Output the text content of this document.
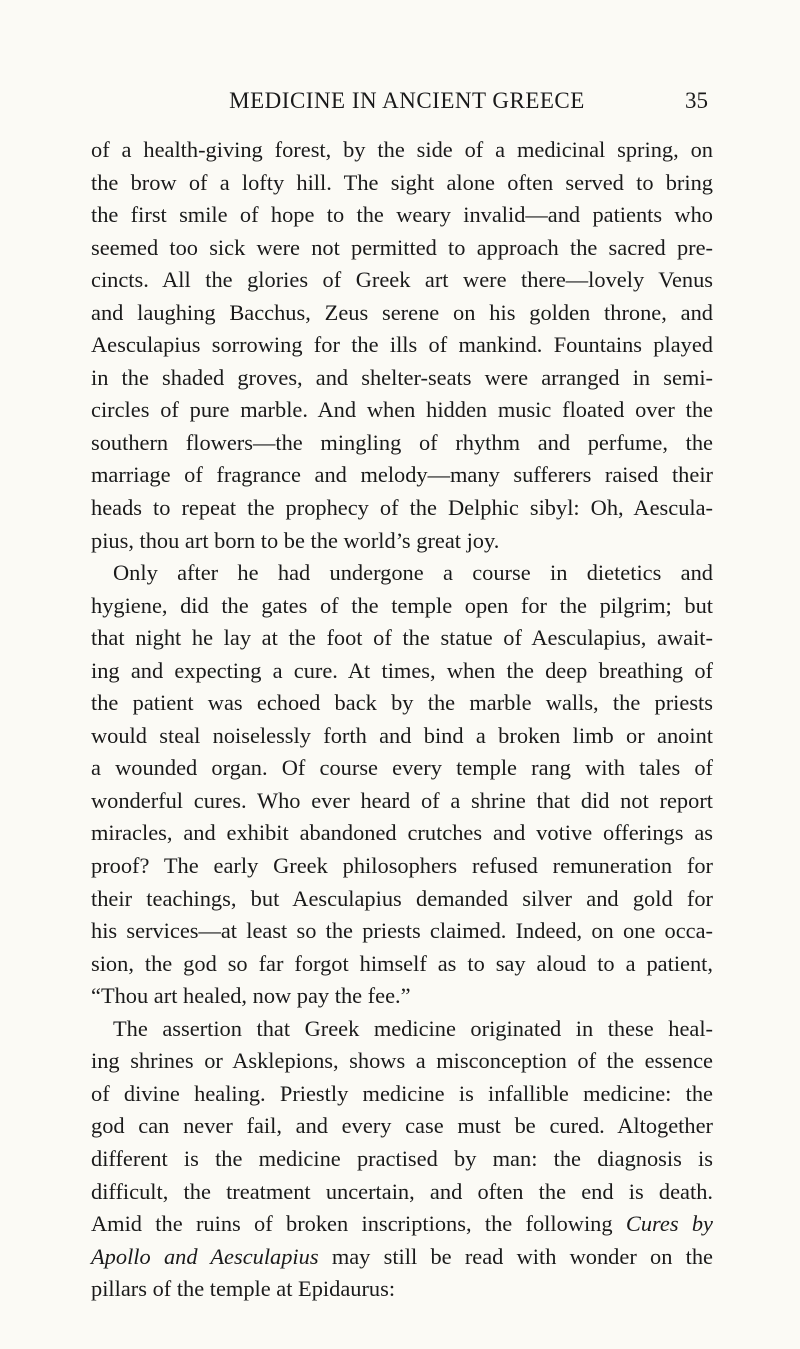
MEDICINE IN ANCIENT GREECE	35
of a health-giving forest, by the side of a medicinal spring, on
the brow of a lofty hill. The sight alone often served to bring
the first smile of hope to the weary invalid—and patients who
seemed too sick were not permitted to approach the sacred pre-
cincts. All the glories of Greek art were there—lovely Venus
and laughing Bacchus, Zeus serene on his golden throne, and
Aesculapius sorrowing for the ills of mankind. Fountains played
in the shaded groves, and shelter-seats were arranged in semi-
circles of pure marble. And when hidden music floated over the
southern flowers—the mingling of rhythm and perfume, the
marriage of fragrance and melody—many sufferers raised their
heads to repeat the prophecy of the Delphic sibyl: Oh, Aescula-
pius, thou art born to be the world’s great joy.
Only after he had undergone a course in dietetics and
hygiene, did the gates of the temple open for the pilgrim; but
that night he lay at the foot of the statue of Aesculapius, await-
ing and expecting a cure. At times, when the deep breathing of
the patient was echoed back by the marble walls, the priests
would steal noiselessly forth and bind a broken limb or anoint
a wounded organ. Of course every temple rang with tales of
wonderful cures. Who ever heard of a shrine that did not report
miracles, and exhibit abandoned crutches and votive offerings as
proof? The early Greek philosophers refused remuneration for
their teachings, but Aesculapius demanded silver and gold for
his services—at least so the priests claimed. Indeed, on one occa-
sion, the god so far forgot himself as to say aloud to a patient,
“Thou art healed, now pay the fee.”
The assertion that Greek medicine originated in these heal-
ing shrines or Asklepions, shows a misconception of the essence
of divine healing. Priestly medicine is infallible medicine: the
god can never fail, and every case must be cured. Altogether
different is the medicine practised by man: the diagnosis is
difficult, the treatment uncertain, and often the end is death.
Amid the ruins of broken inscriptions, the following Cures by
Apollo and Aesculapius may still be read with wonder on the
pillars of the temple at Epidaurus:
